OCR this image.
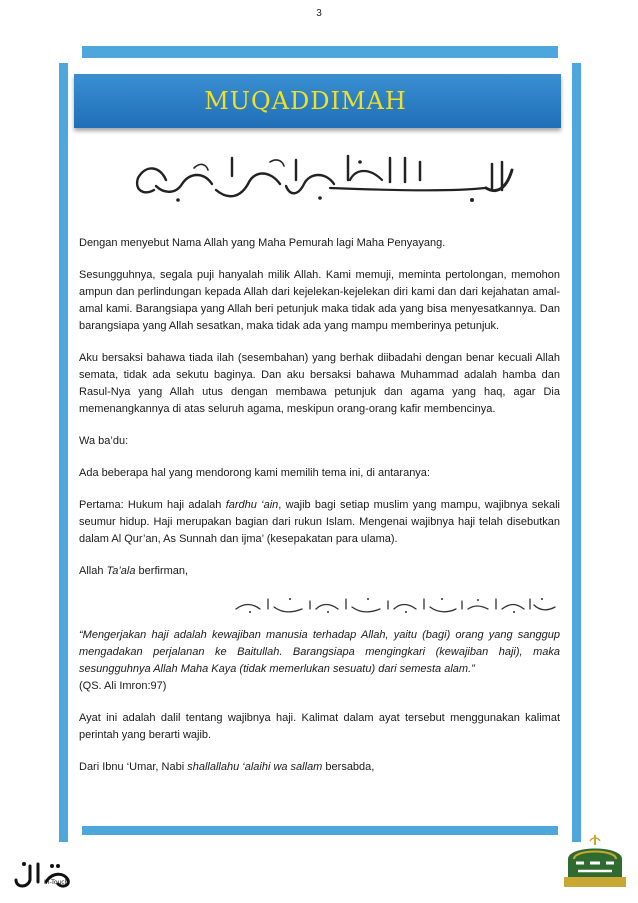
3
MUQADDIMAH

Dengan menyebut Nama Allah yang Maha Pemurah lagi Maha Penyayang.

Sesungguhnya, segala puji hanyalah milik Allah. Kami memuji, meminta pertolongan, memohon

ampun dan perlindungan kepada Allah dari kejelekan-kejelekan diri kami dan dari kejahatan amal-amal kami. Barangsiapa yang Allah beri petunjuk maka tidak ada yang bisa menyesatkannya. Dan barangsiapa yang Allah sesatkan, maka tidak ada yang mampu memberinya petunjuk.

Aku bersaksi bahawa tiada ilah (sesembahan) yang berhak diibadahi dengan benar kecuali Allah semata, tidak ada sekutu baginya. Dan aku bersaksi bahawa Muhammad adalah hamba dan Rasul-Nya yang Allah utus dengan membawa petunjuk dan agama yang haq, agar Dia memenangkannya di atas seluruh agama, meskipun orang-orang kafir membencinya.

Wa ba’du:

Ada beberapa hal yang mendorong kami memilih tema ini, di antaranya:

Pertama: Hukum haji adalah fardhu ‘ain, wajib bagi setiap muslim yang mampu, wajibnya sekali seumur hidup. Haji merupakan bagian dari rukun Islam. Mengenai wajibnya haji telah disebutkan dalam Al Qur’an, As Sunnah dan ijma’ (kesepakatan para ulama).

Allah Ta’ala berfirman,

“Mengerjakan haji adalah kewajiban manusia terhadap Allah, yaitu (bagi) orang yang sanggup mengadakan perjalanan ke Baitullah. Barangsiapa mengingkari (kewajiban haji), maka sesungguhnya Allah Maha Kaya (tidak memerlukan sesuatu) dari semesta alam.”

(QS. Ali Imron:97)

Ayat ini adalah dalil tentang wajibnya haji. Kalimat dalam ayat tersebut menggunakan kalimat perintah yang berarti wajib.

Dari Ibnu ‘Umar, Nabi shallallahu ‘alaihi wa sallam bersabda,

In-Touch	INAM
